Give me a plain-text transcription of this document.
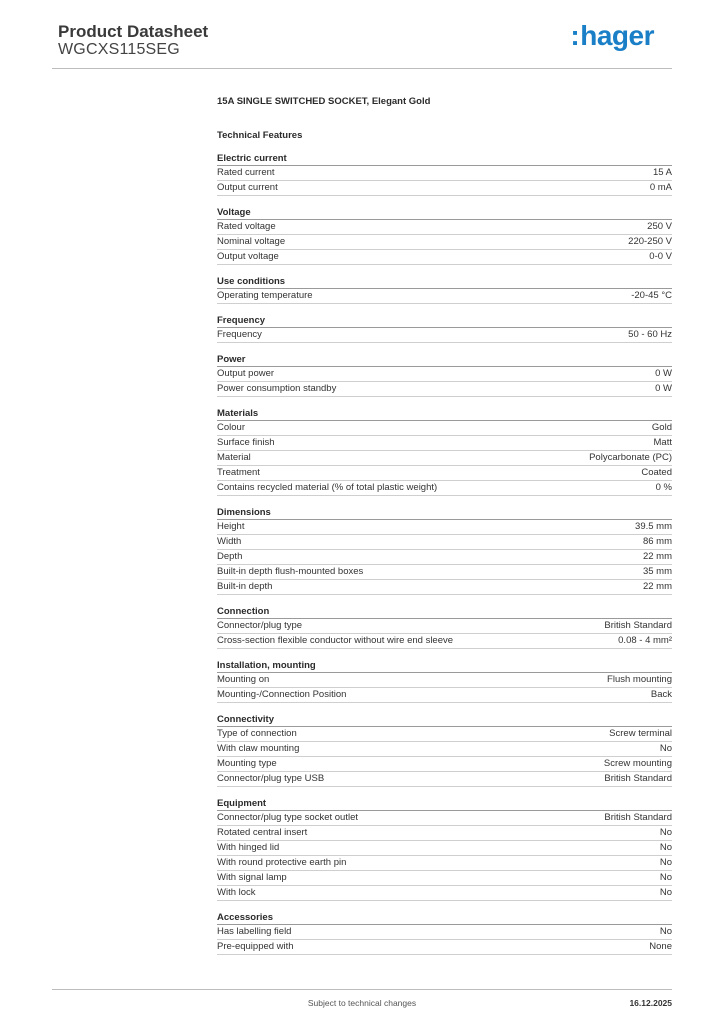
Product Datasheet
WGCXS115SEG	:hager
15A SINGLE SWITCHED SOCKET, Elegant Gold
Technical Features
Electric current
Rated current	15 A
Output current	0 mA
Voltage
Rated voltage	250 V
Nominal voltage	220-250 V
Output voltage	0-0 V
Use conditions
Operating temperature	-20-45 °C
Frequency
Frequency	50 - 60 Hz
Power
Output power	0 W
Power consumption standby	0 W
Materials
Colour	Gold
Surface finish	Matt
Material	Polycarbonate (PC)
Treatment	Coated
Contains recycled material (% of total plastic weight)	0 %
Dimensions
Height	39.5 mm
Width	86 mm
Depth	22 mm
Built-in depth flush-mounted boxes	35 mm
Built-in depth	22 mm
Connection
Connector/plug type	British Standard
Cross-section flexible conductor without wire end sleeve	0.08 - 4 mm²
Installation, mounting
Mounting on	Flush mounting
Mounting-/Connection Position	Back
Connectivity
Type of connection	Screw terminal
With claw mounting	No
Mounting type	Screw mounting
Connector/plug type USB	British Standard
Equipment
Connector/plug type socket outlet	British Standard
Rotated central insert	No
With hinged lid	No
With round protective earth pin	No
With signal lamp	No
With lock	No
Accessories
Has labelling field	No
Pre-equipped with	None
Subject to technical changes	16.12.2025
